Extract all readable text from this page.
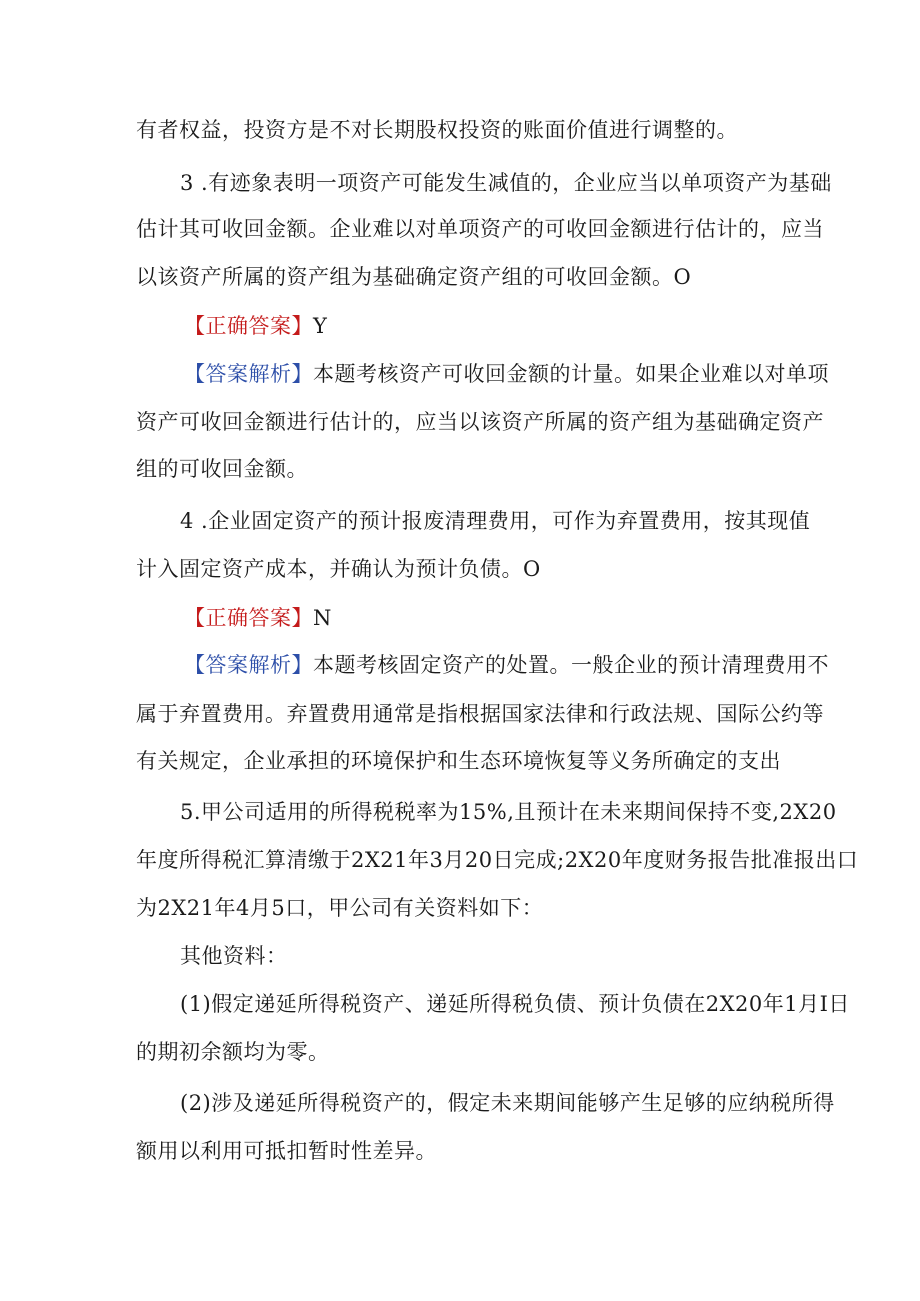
有者权益，投资方是不对长期股权投资的账面价值进行调整的。
3 .有迹象表明一项资产可能发生减值的，企业应当以单项资产为基础
估计其可收回金额。企业难以对单项资产的可收回金额进行估计的，应当
以该资产所属的资产组为基础确定资产组的可收回金额。O
【正确答案】Y
【答案解析】本题考核资产可收回金额的计量。如果企业难以对单项
资产可收回金额进行估计的，应当以该资产所属的资产组为基础确定资产
组的可收回金额。
4 .企业固定资产的预计报废清理费用，可作为弃置费用，按其现值
计入固定资产成本，并确认为预计负债。O
【正确答案】N
【答案解析】本题考核固定资产的处置。一般企业的预计清理费用不
属于弃置费用。弃置费用通常是指根据国家法律和行政法规、国际公约等
有关规定，企业承担的环境保护和生态环境恢复等义务所确定的支出
5.甲公司适用的所得税税率为15%,且预计在未来期间保持不变,2X20
年度所得税汇算清缴于2X21年3月20日完成;2X20年度财务报告批准报出口
为2X21年4月5口，甲公司有关资料如下：
其他资料：
(1)假定递延所得税资产、递延所得税负债、预计负债在2X20年1月I日
的期初余额均为零。
(2)涉及递延所得税资产的，假定未来期间能够产生足够的应纳税所得
额用以利用可抵扣暂时性差异。
